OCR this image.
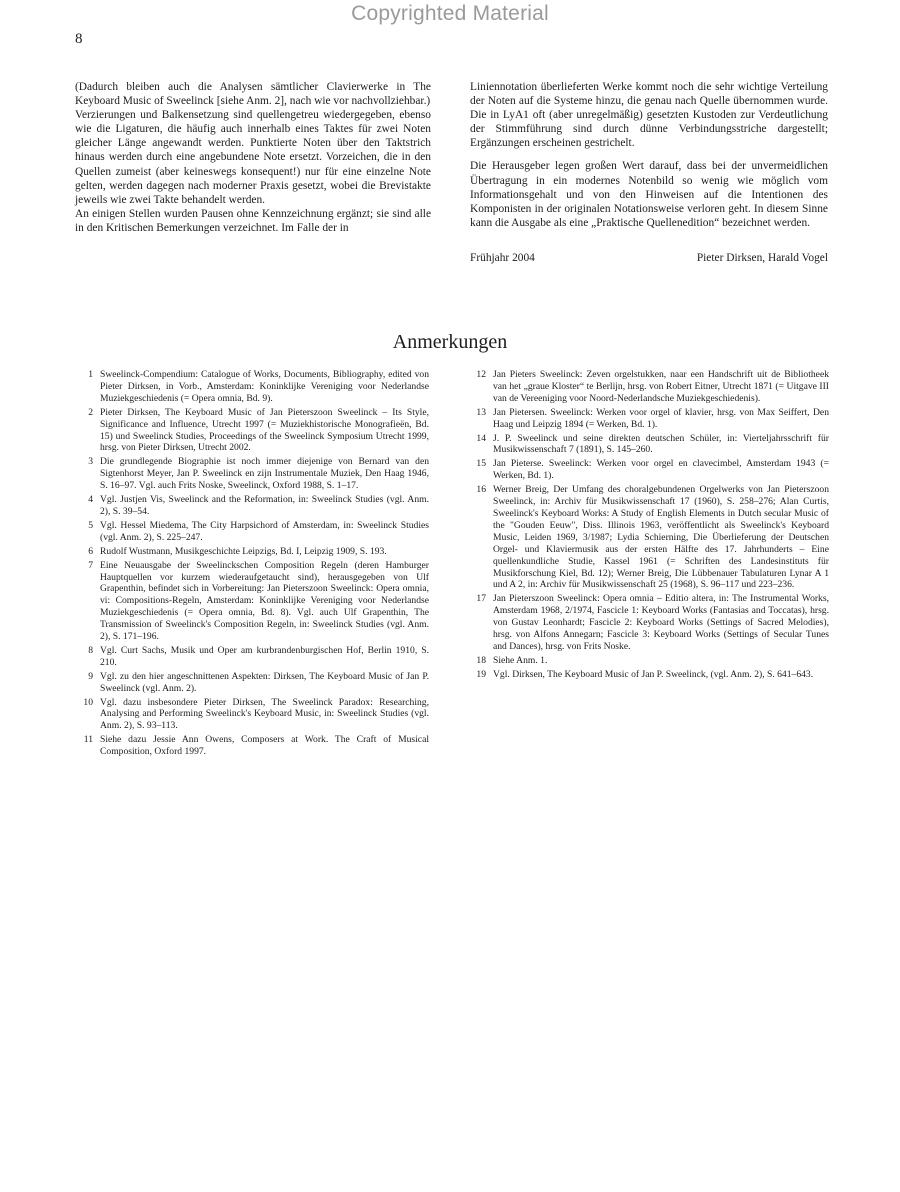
Copyrighted Material
8

(Dadurch bleiben auch die Analysen sämtlicher Clavierwerke in The Keyboard Music of Sweelinck [siehe Anm. 2], nach wie vor nachvollziehbar.)

Verzierungen und Balkensetzung sind quellengetreu wiedergegeben, ebenso wie die Ligaturen, die häufig auch innerhalb eines Taktes für zwei Noten gleicher Länge angewandt werden. Punktierte Noten über den Taktstrich hinaus werden durch eine angebundene Note ersetzt. Vorzeichen, die in den Quellen zumeist (aber keineswegs konsequent!) nur für eine einzelne Note gelten, werden dagegen nach moderner Praxis gesetzt, wobei die Brevistakte jeweils wie zwei Takte behandelt werden.

An einigen Stellen wurden Pausen ohne Kennzeichnung ergänzt; sie sind alle in den Kritischen Bemerkungen verzeichnet. Im Falle der in

Liniennotation überlieferten Werke kommt noch die sehr wichtige Verteilung der Noten auf die Systeme hinzu, die genau nach Quelle übernommen wurde. Die in LyA1 oft (aber unregelmäßig) gesetzten Kustoden zur Verdeutlichung der Stimmführung sind durch dünne Verbindungsstriche dargestellt; Ergänzungen erscheinen gestrichelt.

Die Herausgeber legen großen Wert darauf, dass bei der unvermeidlichen Übertragung in ein modernes Notenbild so wenig wie möglich vom Informationsgehalt und von den Hinweisen auf die Intentionen des Komponisten in der originalen Notationsweise verloren geht. In diesem Sinne kann die Ausgabe als eine „Praktische Quellenedition“ bezeichnet werden.

Frühjahr 2004	Pieter Dirksen, Harald Vogel
Anmerkungen
1 Sweelinck-Compendium: Catalogue of Works, Documents, Bibliography, edited von Pieter Dirksen, in Vorb., Amsterdam: Koninklijke Vereniging voor Nederlandse Muziekgeschiedenis (= Opera omnia, Bd. 9).
2 Pieter Dirksen, The Keyboard Music of Jan Pieterszoon Sweelinck – Its Style, Significance and Influence, Utrecht 1997 (= Muziekhistorische Monografieën, Bd. 15) und Sweelinck Studies, Proceedings of the Sweelinck Symposium Utrecht 1999, hrsg. von Pieter Dirksen, Utrecht 2002.
3 Die grundlegende Biographie ist noch immer diejenige von Bernard van den Sigtenhorst Meyer, Jan P. Sweelinck en zijn Instrumentale Muziek, Den Haag 1946, S. 16–97. Vgl. auch Frits Noske, Sweelinck, Oxford 1988, S. 1–17.
4 Vgl. Justjen Vis, Sweelinck and the Reformation, in: Sweelinck Studies (vgl. Anm. 2), S. 39–54.
5 Vgl. Hessel Miedema, The City Harpsichord of Amsterdam, in: Sweelinck Studies (vgl. Anm. 2), S. 225–247.
6 Rudolf Wustmann, Musikgeschichte Leipzigs, Bd. I, Leipzig 1909, S. 193.
7 Eine Neuausgabe der Sweelinckschen Composition Regeln (deren Hamburger Hauptquellen vor kurzem wiederaufgetaucht sind), herausgegeben von Ulf Grapenthin, befindet sich in Vorbereitung: Jan Pieterszoon Sweelinck: Opera omnia, vi: Compositions-Regeln, Amsterdam: Koninklijke Vereniging voor Nederlandse Muziekgeschiedenis (= Opera omnia, Bd. 8). Vgl. auch Ulf Grapenthin, The Transmission of Sweelinck's Composition Regeln, in: Sweelinck Studies (vgl. Anm. 2), S. 171–196.
8 Vgl. Curt Sachs, Musik und Oper am kurbrandenburgischen Hof, Berlin 1910, S. 210.
9 Vgl. zu den hier angeschnittenen Aspekten: Dirksen, The Keyboard Music of Jan P. Sweelinck (vgl. Anm. 2).
10 Vgl. dazu insbesondere Pieter Dirksen, The Sweelinck Paradox: Researching, Analysing and Performing Sweelinck's Keyboard Music, in: Sweelinck Studies (vgl. Anm. 2), S. 93–113.
11 Siehe dazu Jessie Ann Owens, Composers at Work. The Craft of Musical Composition, Oxford 1997.
12 Jan Pieters Sweelinck: Zeven orgelstukken, naar een Handschrift uit de Bibliotheek van het „graue Kloster“ te Berlijn, hrsg. von Robert Eitner, Utrecht 1871 (= Uitgave III van de Vereeniging voor Noord-Nederlandsche Muziekgeschiedenis).
13 Jan Pietersen. Sweelinck: Werken voor orgel of klavier, hrsg. von Max Seiffert, Den Haag und Leipzig 1894 (= Werken, Bd. 1).
14 J. P. Sweelinck und seine direkten deutschen Schüler, in: Vierteljahrsschrift für Musikwissenschaft 7 (1891), S. 145–260.
15 Jan Pieterse. Sweelinck: Werken voor orgel en clavecimbel, Amsterdam 1943 (= Werken, Bd. 1).
16 Werner Breig, Der Umfang des choralgebundenen Orgelwerks von Jan Pieterszoon Sweelinck, in: Archiv für Musikwissenschaft 17 (1960), S. 258–276; Alan Curtis, Sweelinck's Keyboard Works: A Study of English Elements in Dutch secular Music of the "Gouden Eeuw", Diss. Illinois 1963, veröffentlicht als Sweelinck's Keyboard Music, Leiden 1969, 3/1987; Lydia Schierning, Die Überlieferung der Deutschen Orgel- und Klaviermusik aus der ersten Hälfte des 17. Jahrhunderts – Eine quellenkundliche Studie, Kassel 1961 (= Schriften des Landesinstituts für Musikforschung Kiel, Bd. 12); Werner Breig, Die Lübbenauer Tabulaturen Lynar A 1 und A 2, in: Archiv für Musikwissenschaft 25 (1968), S. 96–117 und 223–236.
17 Jan Pieterszoon Sweelinck: Opera omnia – Editio altera, in: The Instrumental Works, Amsterdam 1968, 2/1974, Fascicle 1: Keyboard Works (Fantasias and Toccatas), hrsg. von Gustav Leonhardt; Fascicle 2: Keyboard Works (Settings of Sacred Melodies), hrsg. von Alfons Annegarn; Fascicle 3: Keyboard Works (Settings of Secular Tunes and Dances), hrsg. von Frits Noske.
18 Siehe Anm. 1.
19 Vgl. Dirksen, The Keyboard Music of Jan P. Sweelinck, (vgl. Anm. 2), S. 641–643.
